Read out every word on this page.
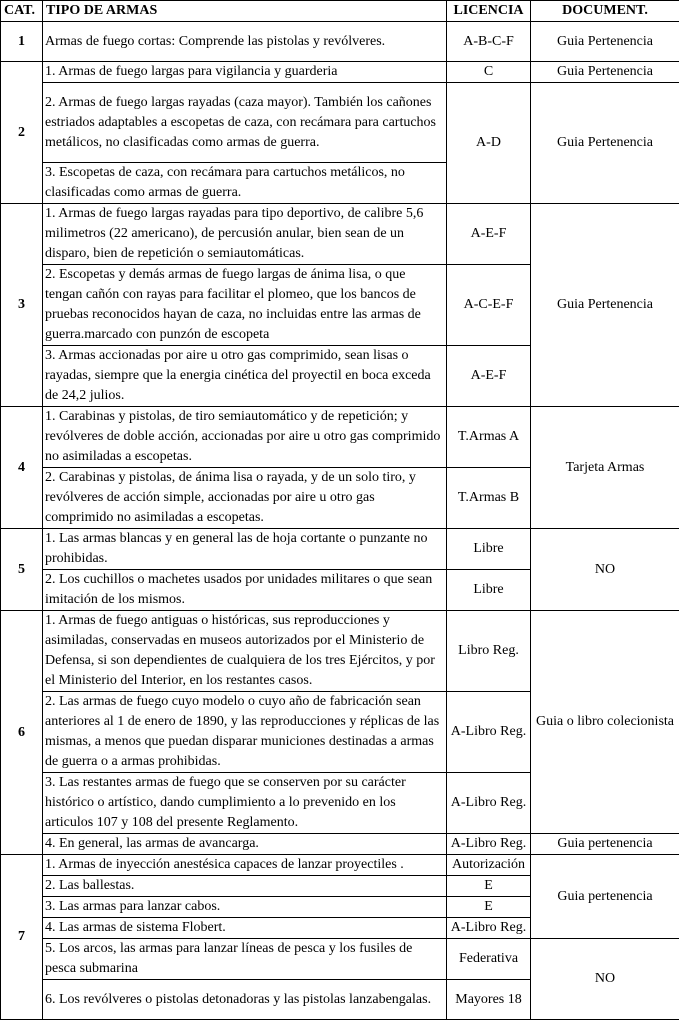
CAT.	TIPO DE ARMAS	LICENCIA	DOCUMENT.
1	Armas de fuego cortas: Comprende las pistolas y revólveres.	A-B-C-F	Guia Pertenencia
2	1. Armas de fuego largas para vigilancia y guarderia	C	Guia Pertenencia
	2. Armas de fuego largas rayadas (caza mayor). También los cañones estriados adaptables a escopetas de caza, con recámara para cartuchos metálicos, no clasificadas como armas de guerra.	A-D	Guia Pertenencia
	3. Escopetas de caza, con recámara para cartuchos metálicos, no clasificadas como armas de guerra.		
3	1. Armas de fuego largas rayadas para tipo deportivo, de calibre 5,6 milimetros (22 americano), de percusión anular, bien sean de un disparo, bien de repetición o semiautomáticas.	A-E-F	Guia Pertenencia
	2. Escopetas y demás armas de fuego largas de ánima lisa, o que tengan cañón con rayas para facilitar el plomeo, que los bancos de pruebas reconocidos hayan de caza, no incluidas entre las armas de guerra.marcado con punzón de escopeta	A-C-E-F	
	3. Armas accionadas por aire u otro gas comprimido, sean lisas o rayadas, siempre que la energia cinética del proyectil en boca exceda de 24,2 julios.	A-E-F	
4	1. Carabinas y pistolas, de tiro semiautomático y de repetición; y revólveres de doble acción, accionadas por aire u otro gas comprimido no asimiladas a escopetas.	T.Armas A	Tarjeta Armas
	2. Carabinas y pistolas, de ánima lisa o rayada, y de un solo tiro, y revólveres de acción simple, accionadas por aire u otro gas comprimido no asimiladas a escopetas.	T.Armas B	
5	1. Las armas blancas y en general las de hoja cortante o punzante no prohibidas.	Libre	NO
	2. Los cuchillos o machetes usados por unidades militares o que sean imitación de los mismos.	Libre	
6	1. Armas de fuego antiguas o históricas, sus reproducciones y asimiladas, conservadas en museos autorizados por el Ministerio de Defensa, si son dependientes de cualquiera de los tres Ejércitos, y por el Ministerio del Interior, en los restantes casos.	Libro Reg.	Guia o libro colecionista
	2. Las armas de fuego cuyo modelo o cuyo año de fabricación sean anteriores al 1 de enero de 1890, y las reproducciones y réplicas de las mismas, a menos que puedan disparar municiones destinadas a armas de guerra o a armas prohibidas.	A-Libro Reg.	
	3. Las restantes armas de fuego que se conserven por su carácter histórico o artístico, dando cumplimiento a lo prevenido en los articulos 107 y 108 del presente Reglamento.	A-Libro Reg.	
	4. En general, las armas de avancarga.	A-Libro Reg.	Guia pertenencia
7	1. Armas de inyección anestésica capaces de lanzar proyectiles .	Autorización	Guia pertenencia
	2. Las ballestas.	E	
	3. Las armas para lanzar cabos.	E	
	4. Las armas de sistema Flobert.	A-Libro Reg.	
	5. Los arcos, las armas para lanzar líneas de pesca y los fusiles de pesca submarina	Federativa	NO
	6. Los revólveres o pistolas detonadoras y las pistolas lanzabengalas.	Mayores 18	
